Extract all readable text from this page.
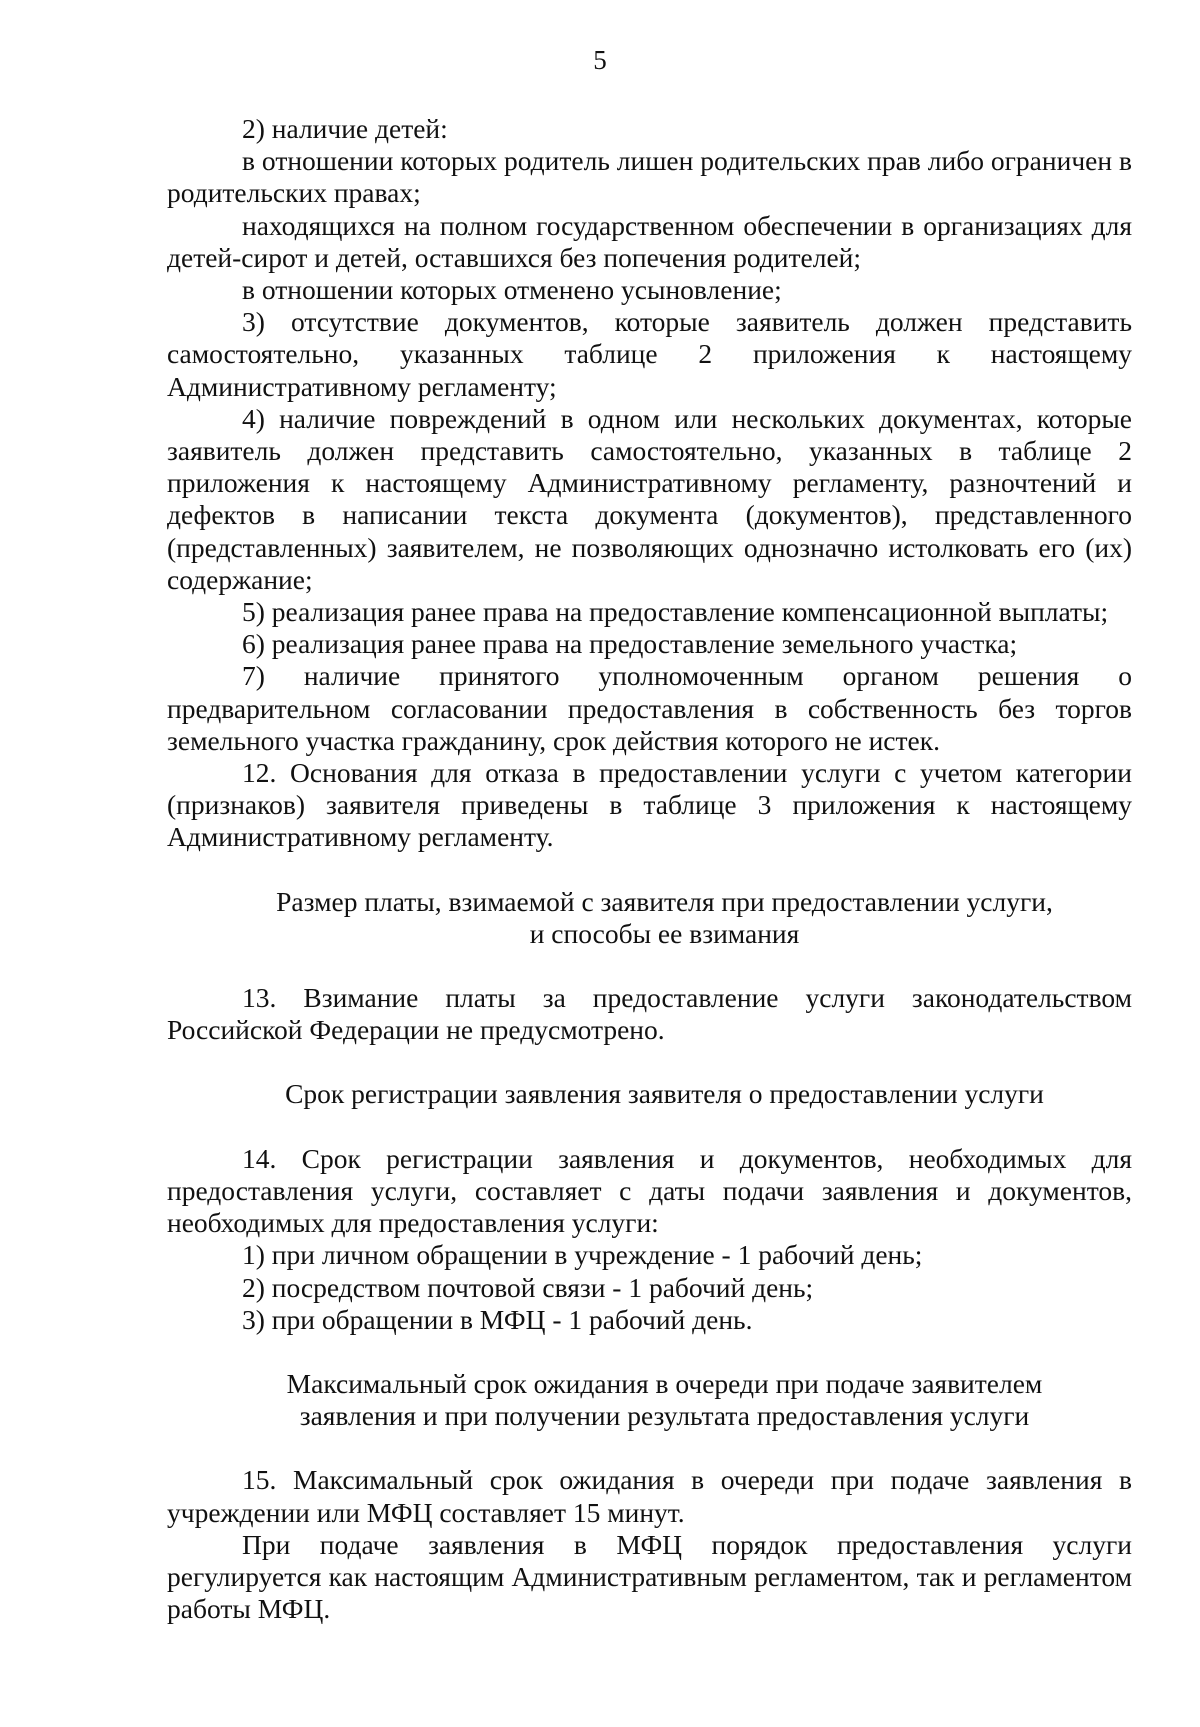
5

2) наличие детей:

в отношении которых родитель лишен родительских прав либо ограничен в родительских правах;

находящихся на полном государственном обеспечении в организациях для детей-сирот и детей, оставшихся без попечения родителей;

в отношении которых отменено усыновление;

3) отсутствие документов, которые заявитель должен представить самостоятельно, указанных таблице 2 приложения к настоящему Административному регламенту;

4) наличие повреждений в одном или нескольких документах, которые заявитель должен представить самостоятельно, указанных в таблице 2 приложения к настоящему Административному регламенту, разночтений и дефектов в написании текста документа (документов), представленного (представленных) заявителем, не позволяющих однозначно истолковать его (их) содержание;

5) реализация ранее права на предоставление компенсационной выплаты;

6) реализация ранее права на предоставление земельного участка;

7) наличие принятого уполномоченным органом решения о предварительном согласовании предоставления в собственность без торгов земельного участка гражданину, срок действия которого не истек.

12. Основания для отказа в предоставлении услуги с учетом категории (признаков) заявителя приведены в таблице 3 приложения к настоящему Административному регламенту.

Размер платы, взимаемой с заявителя при предоставлении услуги,
и способы ее взимания

13. Взимание платы за предоставление услуги законодательством Российской Федерации не предусмотрено.

Срок регистрации заявления заявителя о предоставлении услуги

14. Срок регистрации заявления и документов, необходимых для предоставления услуги, составляет с даты подачи заявления и документов, необходимых для предоставления услуги:

1) при личном обращении в учреждение - 1 рабочий день;

2) посредством почтовой связи - 1 рабочий день;

3) при обращении в МФЦ - 1 рабочий день.

Максимальный срок ожидания в очереди при подаче заявителем
заявления и при получении результата предоставления услуги

15. Максимальный срок ожидания в очереди при подаче заявления в учреждении или МФЦ составляет 15 минут.

При подаче заявления в МФЦ порядок предоставления услуги регулируется как настоящим Административным регламентом, так и регламентом работы МФЦ.
